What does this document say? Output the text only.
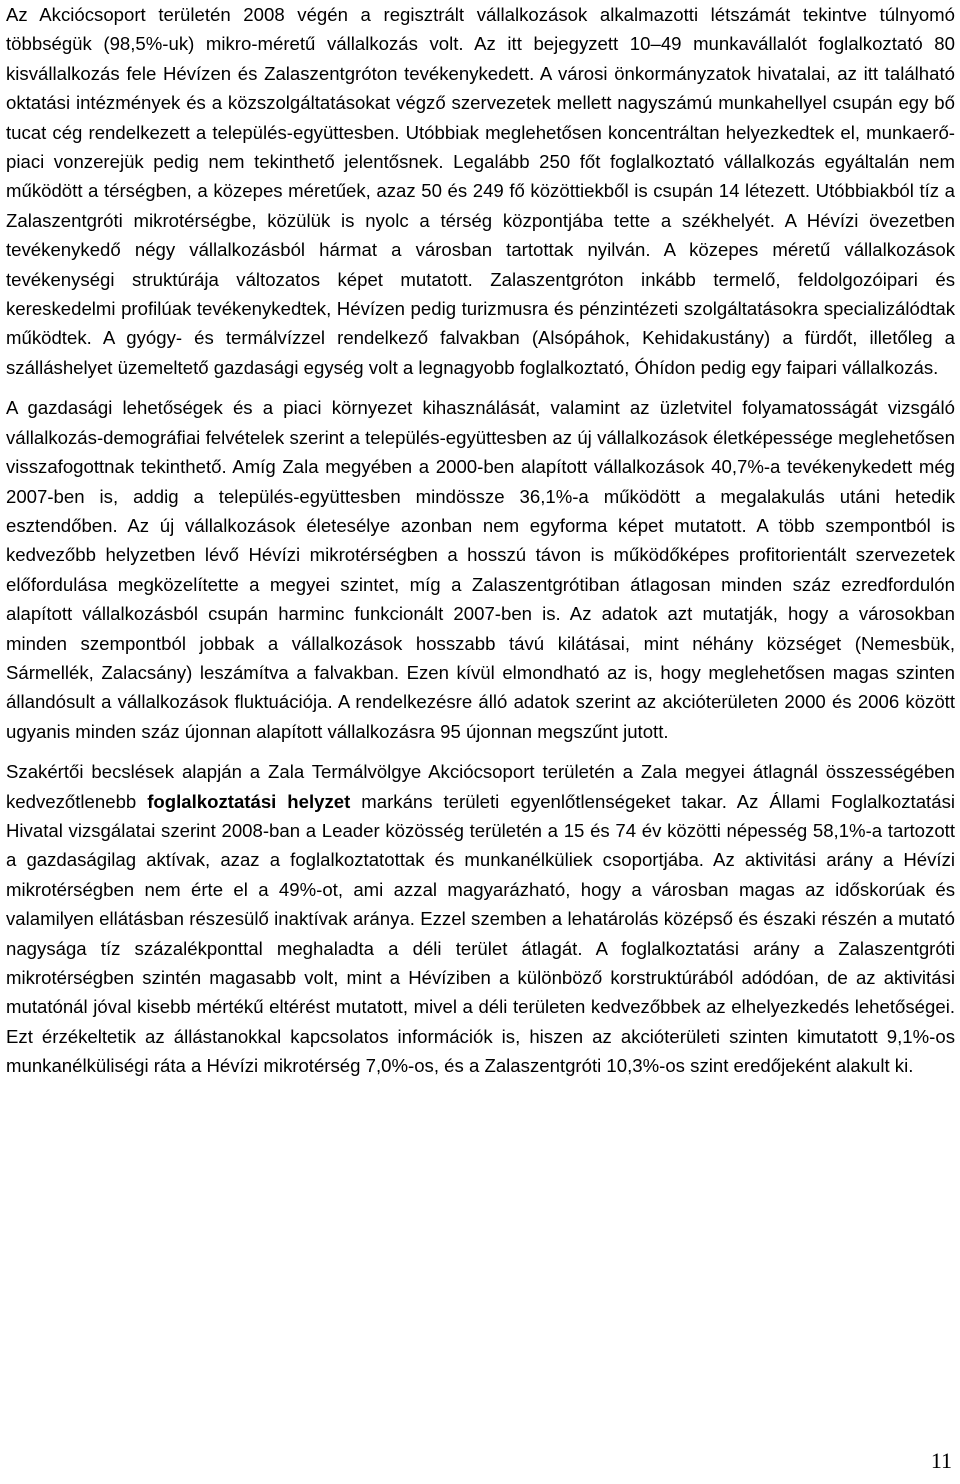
Az Akciócsoport területén 2008 végén a regisztrált vállalkozások alkalmazotti létszámát tekintve túlnyomó többségük (98,5%-uk) mikro-méretű vállalkozás volt. Az itt bejegyzett 10–49 munkavállalót foglalkoztató 80 kisvállalkozás fele Hévízen és Zalaszentgróton tevékenykedett. A városi önkormányzatok hivatalai, az itt található oktatási intézmények és a közszolgáltatásokat végző szervezetek mellett nagyszámú munkahellyel csupán egy bő tucat cég rendelkezett a település-együttesben. Utóbbiak meglehetősen koncentráltan helyezkedtek el, munkaerő-piaci vonzerejük pedig nem tekinthető jelentősnek. Legalább 250 főt foglalkoztató vállalkozás egyáltalán nem működött a térségben, a közepes méretűek, azaz 50 és 249 fő közöttiekből is csupán 14 létezett. Utóbbiakból tíz a Zalaszentgróti mikrotérségbe, közülük is nyolc a térség központjába tette a székhelyét. A Hévízi övezetben tevékenykedő négy vállalkozásból hármat a városban tartottak nyilván. A közepes méretű vállalkozások tevékenységi struktúrája változatos képet mutatott. Zalaszentgróton inkább termelő, feldolgozóipari és kereskedelmi profilúak tevékenykedtek, Hévízen pedig turizmusra és pénzintézeti szolgáltatásokra specializálódtak működtek. A gyógy- és termálvízzel rendelkező falvakban (Alsópáhok, Kehidakustány) a fürdőt, illetőleg a szálláshelyet üzemeltető gazdasági egység volt a legnagyobb foglalkoztató, Óhídon pedig egy faipari vállalkozás.

A gazdasági lehetőségek és a piaci környezet kihasználását, valamint az üzletvitel folyamatosságát vizsgáló vállalkozás-demográfiai felvételek szerint a település-együttesben az új vállalkozások életképessége meglehetősen visszafogottnak tekinthető. Amíg Zala megyében a 2000-ben alapított vállalkozások 40,7%-a tevékenykedett még 2007-ben is, addig a település-együttesben mindössze 36,1%-a működött a megalakulás utáni hetedik esztendőben. Az új vállalkozások életesélye azonban nem egyforma képet mutatott. A több szempontból is kedvezőbb helyzetben lévő Hévízi mikrotérségben a hosszú távon is működőképes profitorientált szervezetek előfordulása megközelítette a megyei szintet, míg a Zalaszentgrótiban átlagosan minden száz ezredfordulón alapított vállalkozásból csupán harminc funkcionált 2007-ben is. Az adatok azt mutatják, hogy a városokban minden szempontból jobbak a vállalkozások hosszabb távú kilátásai, mint néhány községet (Nemesbük, Sármellék, Zalacsány) leszámítva a falvakban. Ezen kívül elmondható az is, hogy meglehetősen magas szinten állandósult a vállalkozások fluktuációja. A rendelkezésre álló adatok szerint az akcióterületen 2000 és 2006 között ugyanis minden száz újonnan alapított vállalkozásra 95 újonnan megszűnt jutott.

Szakértői becslések alapján a Zala Termálvölgye Akciócsoport területén a Zala megyei átlagnál összességében kedvezőtlenebb foglalkoztatási helyzet markáns területi egyenlőtlenségeket takar. Az Állami Foglalkoztatási Hivatal vizsgálatai szerint 2008-ban a Leader közösség területén a 15 és 74 év közötti népesség 58,1%-a tartozott a gazdaságilag aktívak, azaz a foglalkoztatottak és munkanélküliek csoportjába. Az aktivitási arány a Hévízi mikrotérségben nem érte el a 49%-ot, ami azzal magyarázható, hogy a városban magas az időskorúak és valamilyen ellátásban részesülő inaktívak aránya. Ezzel szemben a lehatárolás középső és északi részén a mutató nagysága tíz százalékponttal meghaladta a déli terület átlagát. A foglalkoztatási arány a Zalaszentgróti mikrotérségben szintén magasabb volt, mint a Hévíziben a különböző korstruktúrából adódóan, de az aktivitási mutatónál jóval kisebb mértékű eltérést mutatott, mivel a déli területen kedvezőbbek az elhelyezkedés lehetőségei. Ezt érzékeltetik az állástanokkal kapcsolatos információk is, hiszen az akcióterületi szinten kimutatott 9,1%-os munkanélküliségi ráta a Hévízi mikrotérség 7,0%-os, és a Zalaszentgróti 10,3%-os szint eredőjeként alakult ki.

11
